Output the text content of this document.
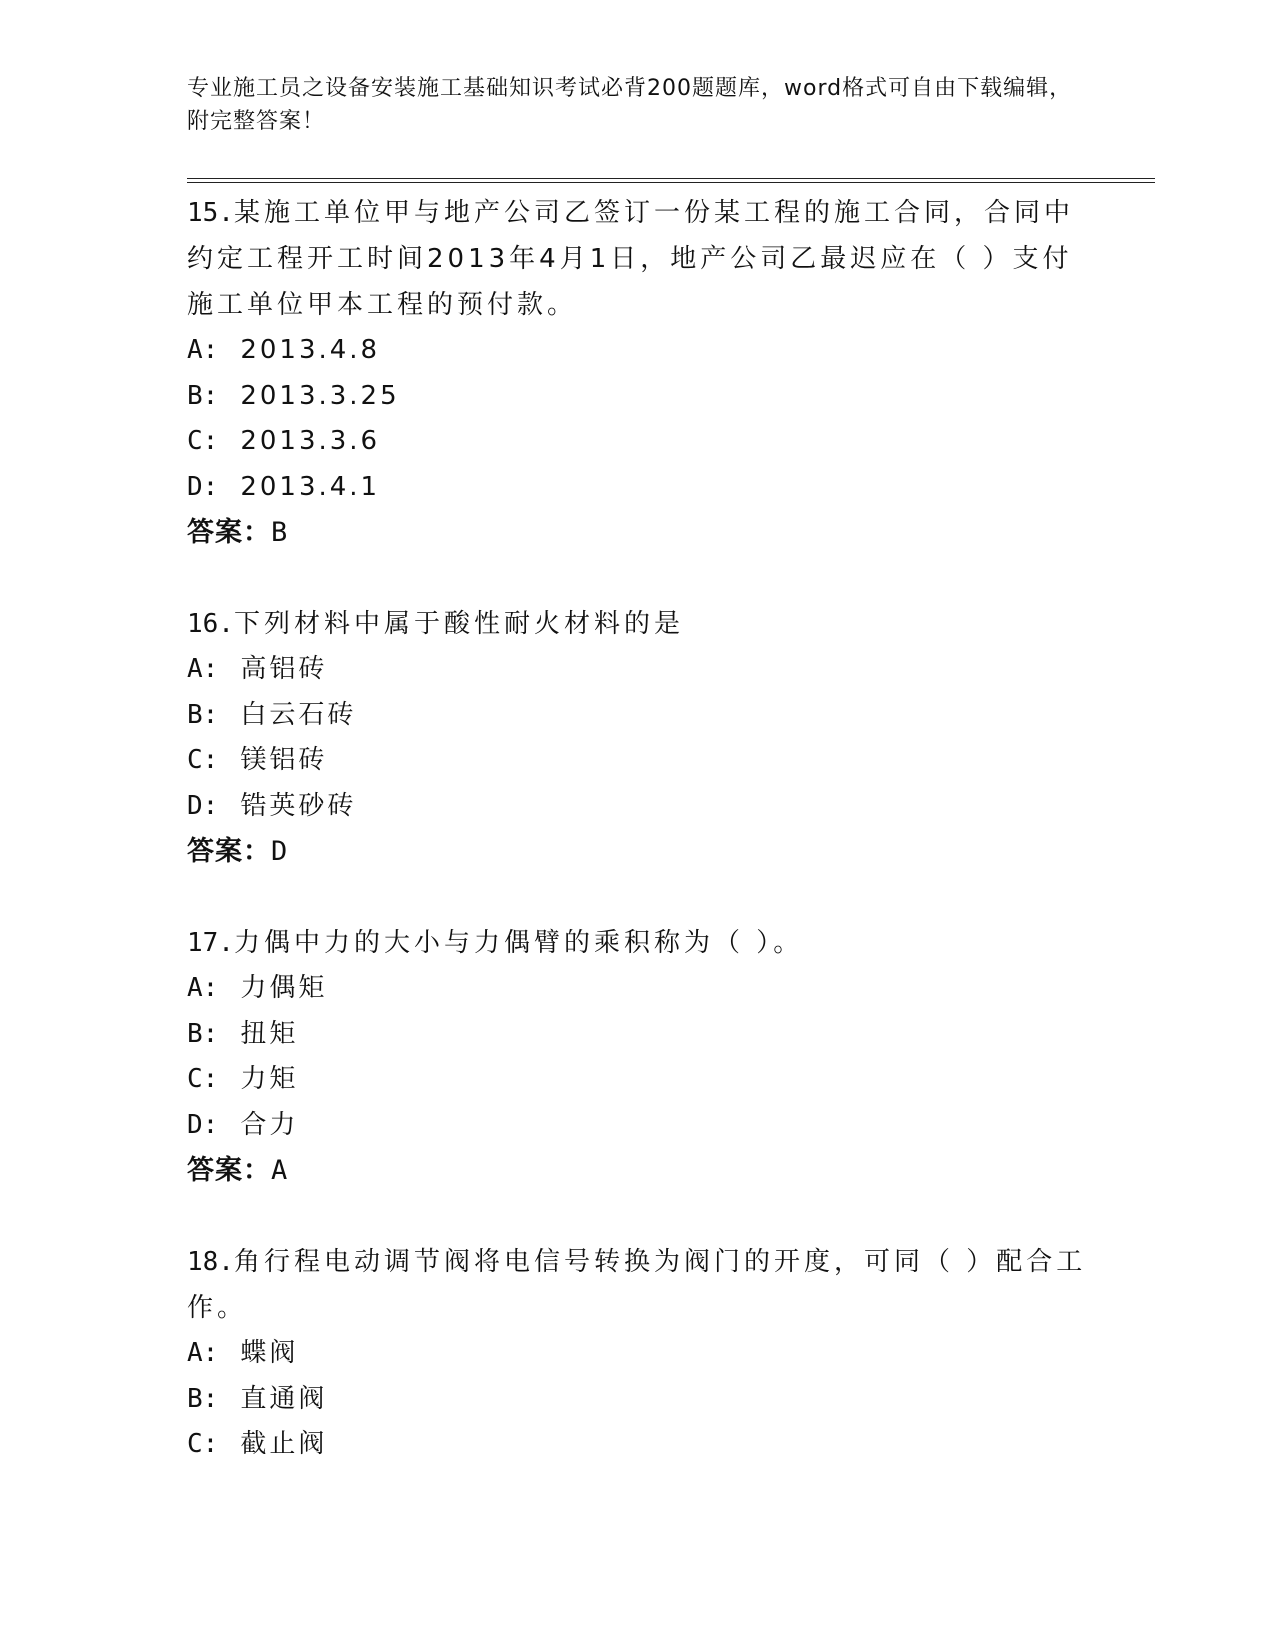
专业施工员之设备安装施工基础知识考试必背200题题库，word格式可自由下载编辑，附完整答案！
15.某施工单位甲与地产公司乙签订一份某工程的施工合同，合同中约定工程开工时间2013年4月1日，地产公司乙最迟应在（ ）支付施工单位甲本工程的预付款。
A: 2013.4.8
B: 2013.3.25
C: 2013.3.6
D: 2013.4.1
答案：B
16.下列材料中属于酸性耐火材料的是
A: 高铝砖
B: 白云石砖
C: 镁铝砖
D: 锆英砂砖
答案：D
17.力偶中力的大小与力偶臂的乘积称为（ ）。
A: 力偶矩
B: 扭矩
C: 力矩
D: 合力
答案：A
18.角行程电动调节阀将电信号转换为阀门的开度，可同（ ）配合工作。
A: 蝶阀
B: 直通阀
C: 截止阀
